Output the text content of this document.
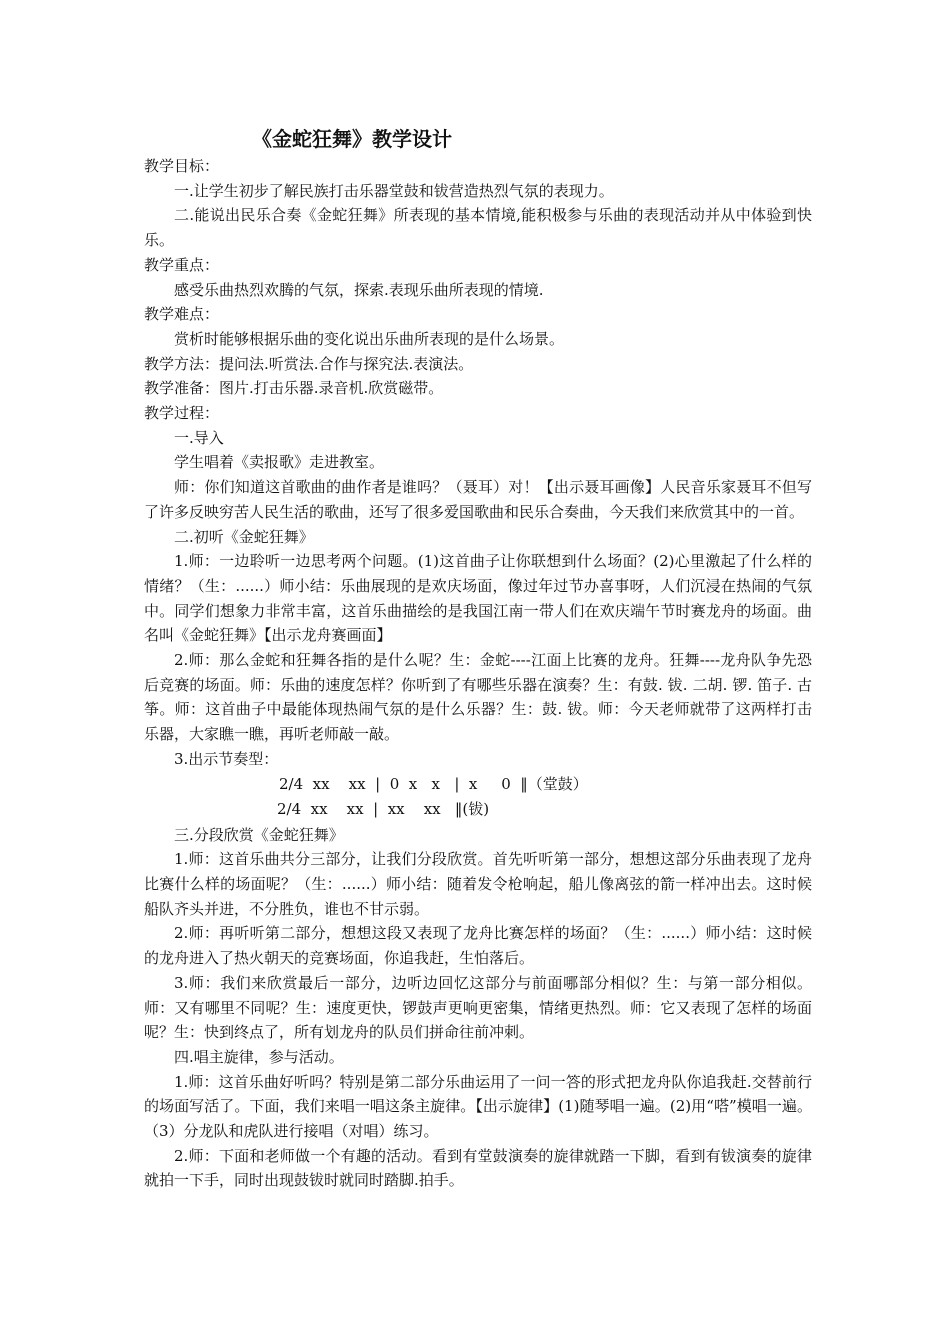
《金蛇狂舞》教学设计

教学目标：

一.让学生初步了解民族打击乐器堂鼓和钹营造热烈气氛的表现力。

二.能说出民乐合奏《金蛇狂舞》所表现的基本情境,能积极参与乐曲的表现活动并从中体验到快乐。

教学重点：

感受乐曲热烈欢腾的气氛，探索.表现乐曲所表现的情境.

教学难点：

赏析时能够根据乐曲的变化说出乐曲所表现的是什么场景。

教学方法：提问法.听赏法.合作与探究法.表演法。

教学准备：图片.打击乐器.录音机.欣赏磁带。

教学过程：

一.导入

学生唱着《卖报歌》走进教室。

师：你们知道这首歌曲的曲作者是谁吗？（聂耳）对！【出示聂耳画像】人民音乐家聂耳不但写了许多反映穷苦人民生活的歌曲，还写了很多爱国歌曲和民乐合奏曲，今天我们来欣赏其中的一首。

二.初听《金蛇狂舞》

1.师：一边聆听一边思考两个问题。(1)这首曲子让你联想到什么场面？(2)心里激起了什么样的情绪？（生：......）师小结：乐曲展现的是欢庆场面，像过年过节办喜事呀，人们沉浸在热闹的气氛中。同学们想象力非常丰富，这首乐曲描绘的是我国江南一带人们在欢庆端午节时赛龙舟的场面。曲名叫《金蛇狂舞》【出示龙舟赛画面】

2.师：那么金蛇和狂舞各指的是什么呢？生：金蛇----江面上比赛的龙舟。狂舞----龙舟队争先恐后竞赛的场面。师：乐曲的速度怎样？你听到了有哪些乐器在演奏？生：有鼓. 钹. 二胡. 锣. 笛子. 古筝。师：这首曲子中最能体现热闹气氛的是什么乐器？生：鼓. 钹。师：今天老师就带了这两样打击乐器，大家瞧一瞧，再听老师敲一敲。

3.出示节奏型：

2/4  xx    xx  |  0  x   x   |  x     0  ‖（堂鼓）

2/4  xx    xx  |  xx    xx   ‖(钹)

三.分段欣赏《金蛇狂舞》

1.师：这首乐曲共分三部分，让我们分段欣赏。首先听听第一部分，想想这部分乐曲表现了龙舟比赛什么样的场面呢？（生：......）师小结：随着发令枪响起，船儿像离弦的箭一样冲出去。这时候船队齐头并进，不分胜负，谁也不甘示弱。

2.师：再听听第二部分，想想这段又表现了龙舟比赛怎样的场面？（生：......）师小结：这时候的龙舟进入了热火朝天的竞赛场面，你追我赶，生怕落后。

3.师：我们来欣赏最后一部分，边听边回忆这部分与前面哪部分相似？生：与第一部分相似。师：又有哪里不同呢？生：速度更快，锣鼓声更响更密集，情绪更热烈。师：它又表现了怎样的场面呢？生：快到终点了，所有划龙舟的队员们拼命往前冲刺。

四.唱主旋律，参与活动。

1.师：这首乐曲好听吗？特别是第二部分乐曲运用了一问一答的形式把龙舟队你追我赶.交替前行的场面写活了。下面，我们来唱一唱这条主旋律。【出示旋律】(1)随琴唱一遍。(2)用“嗒”模唱一遍。（3）分龙队和虎队进行接唱（对唱）练习。

2.师：下面和老师做一个有趣的活动。看到有堂鼓演奏的旋律就踏一下脚，看到有钹演奏的旋律就拍一下手，同时出现鼓钹时就同时踏脚.拍手。
